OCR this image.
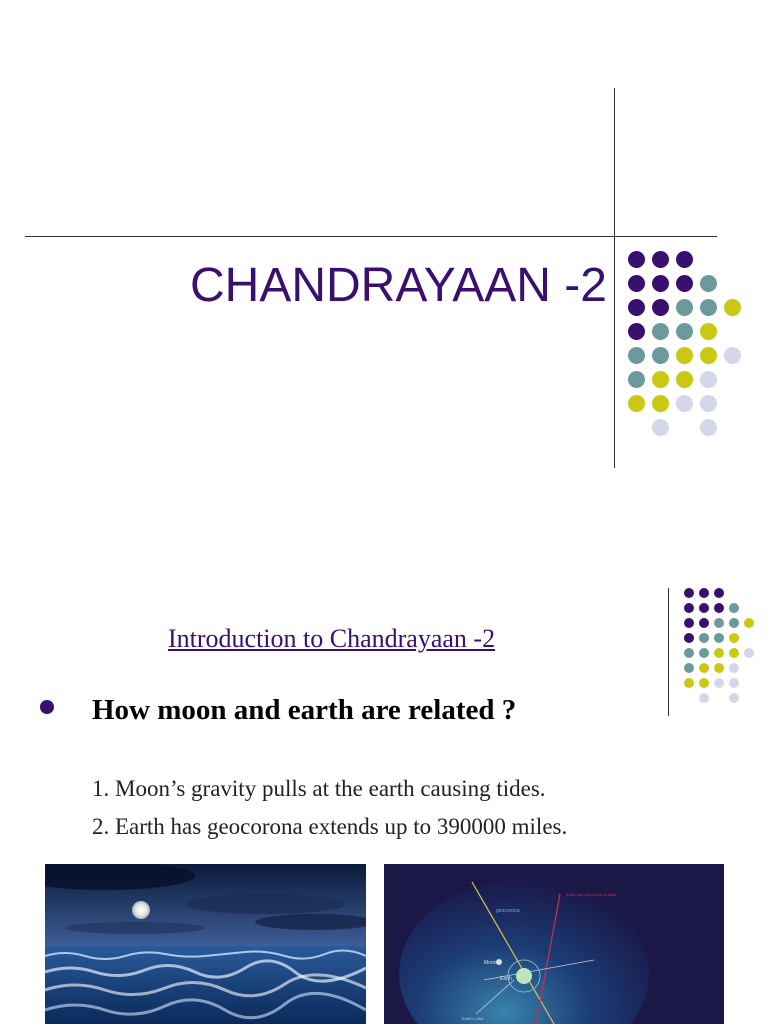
CHANDRAYAAN -2
Introduction to Chandrayaan -2
How moon and earth are related ?
1. Moon’s gravity pulls at the earth causing tides.
2. Earth has geocorona extends up to 390000 miles.
geocorona
Moon
Earth
Earth-sun-moon line of sight
Earth's orbit
